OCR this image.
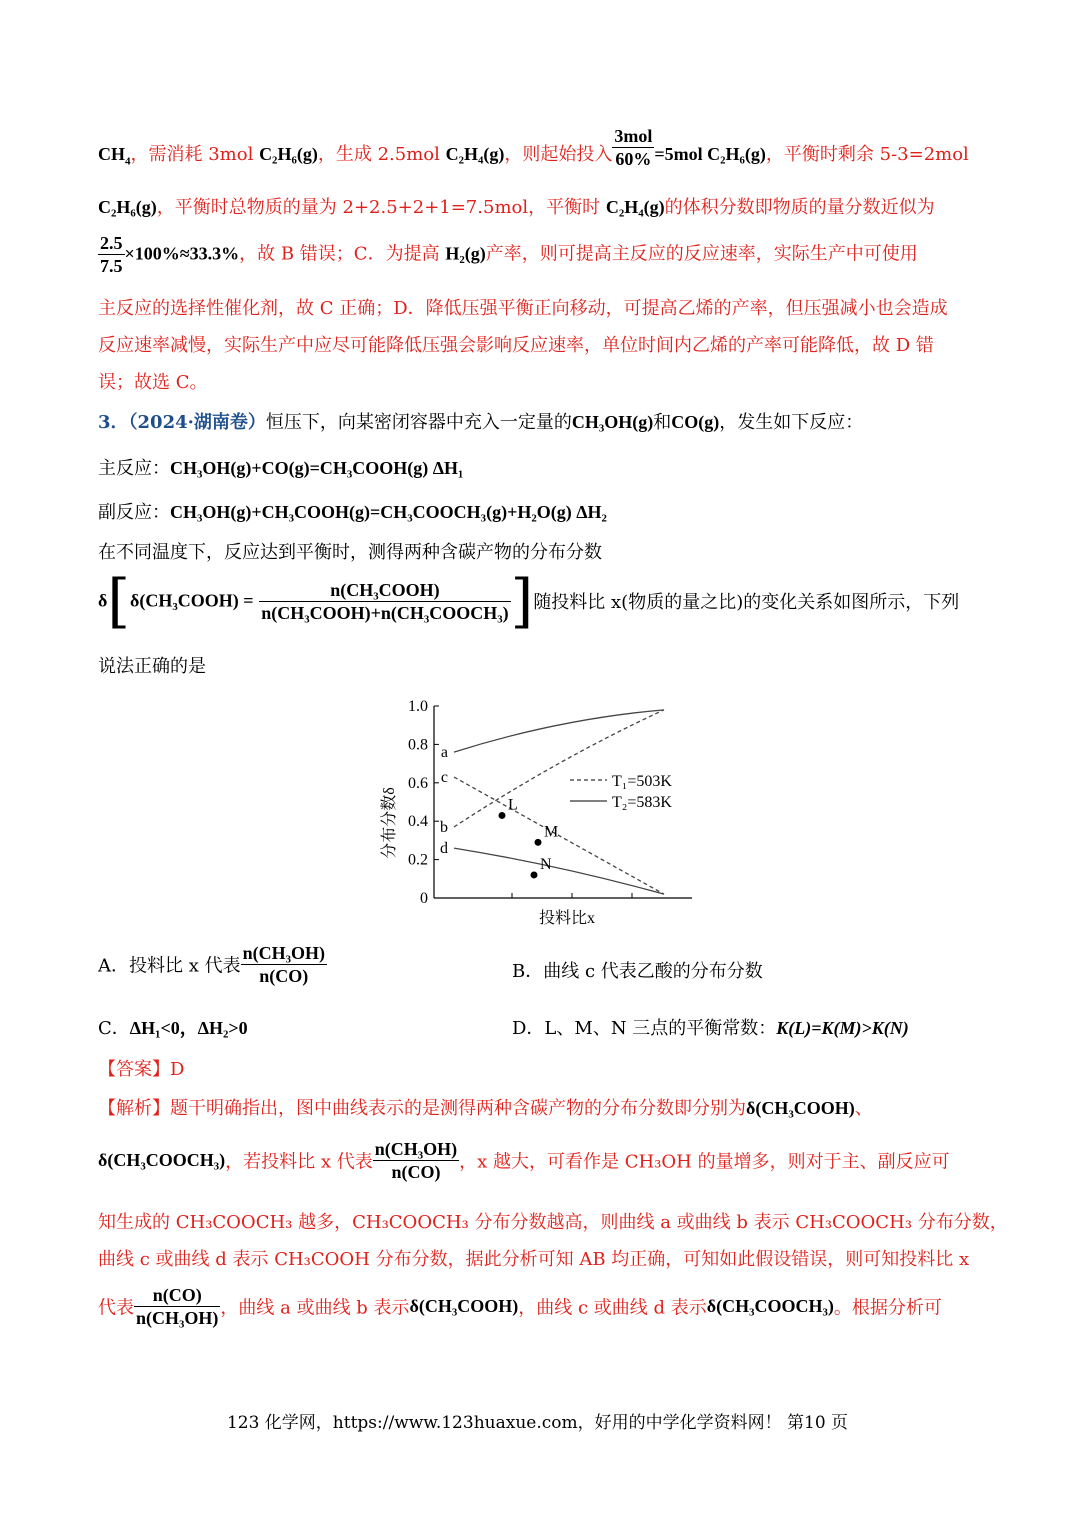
$CH_4$，需消耗 3mol C₂H₆(g)，生成 2.5mol C₂H₄(g)，则起始投入 $\frac{\text{3mol}}{60\%} =5mol$ C₂H₆(g)，平衡时剩余 5-3=2mol
C₂H₆(g)，平衡时总物质的量为 2+2.5+2+1=7.5mol，平衡时 C₂H₄(g)的体积分数即物质的量分数近似为
$\frac{2.5}{7.5} \times 100\%\approx 33.3\%$，故 B 错误；C．为提高 H₂(g)产率，则可提高主反应的反应速率，实际生产中可使用
主反应的选择性催化剂，故 C 正确；D．降低压强平衡正向移动，可提高乙烯的产率，但压强减小也会造成
反应速率减慢，实际生产中应尽可能降低压强会影响反应速率，单位时间内乙烯的产率可能降低，故 D 错
误；故选 C。
3．（2024·湖南卷）恒压下，向某密闭容器中充入一定量的CH₃OH(g)和CO(g)，发生如下反应：
主反应：CH₃OH(g)+CO(g)=CH₃COOH(g) ΔH₁
副反应：CH₃OH(g)+CH₃COOH(g)=CH₃COOCH₃(g)+H₂O(g) ΔH₂
在不同温度下，反应达到平衡时，测得两种含碳产物的分布分数
δ[δ(CH₃COOH) = $\frac{\text{n(CH₃COOH)}}{\text{n(CH₃COOH)+n(CH₃COOCH₃)}}$ ]随投料比 x(物质的量之比)的变化关系如图所示，下列
说法正确的是
分布分数δ
1.0
0.8
0.6
0.4
0.2
0
a
b
c
d
L
M
N
投料比x
T₁=503K
T₂=583K
A．投料比 x 代表 $\frac{\text{n(CH₃OH)}}{n(CO)}$	B．曲线 c 代表乙酸的分布分数
C．ΔH₁<0，ΔH₂>0	D．L、M、N 三点的平衡常数：K(L)=K(M)>K(N)
【答案】D
【解析】题干明确指出，图中曲线表示的是测得两种含碳产物的分布分数即分别为δ(CH₃COOH)、
δ(CH₃COOCH₃)，若投料比 x 代表 $\frac{\text{n(CH₃OH)}}{n(CO)}$ ，x 越大，可看作是 CH₃OH 的量增多，则对于主、副反应可
知生成的 CH₃COOCH₃ 越多，CH₃COOCH₃ 分布分数越高，则曲线 a 或曲线 b 表示 CH₃COOCH₃ 分布分数，
曲线 c 或曲线 d 表示 CH₃COOH 分布分数，据此分析可知 AB 均正确，可知如此假设错误，则可知投料比 x
代表 $\frac{n(CO)}{\text{n(CH₃OH)}}$ ，曲线 a 或曲线 b 表示δ(CH₃COOH)，曲线 c 或曲线 d 表示δ(CH₃COOCH₃)。根据分析可
123 化学网，https://www.123huaxue.com，好用的中学化学资料网！ 第10 页
